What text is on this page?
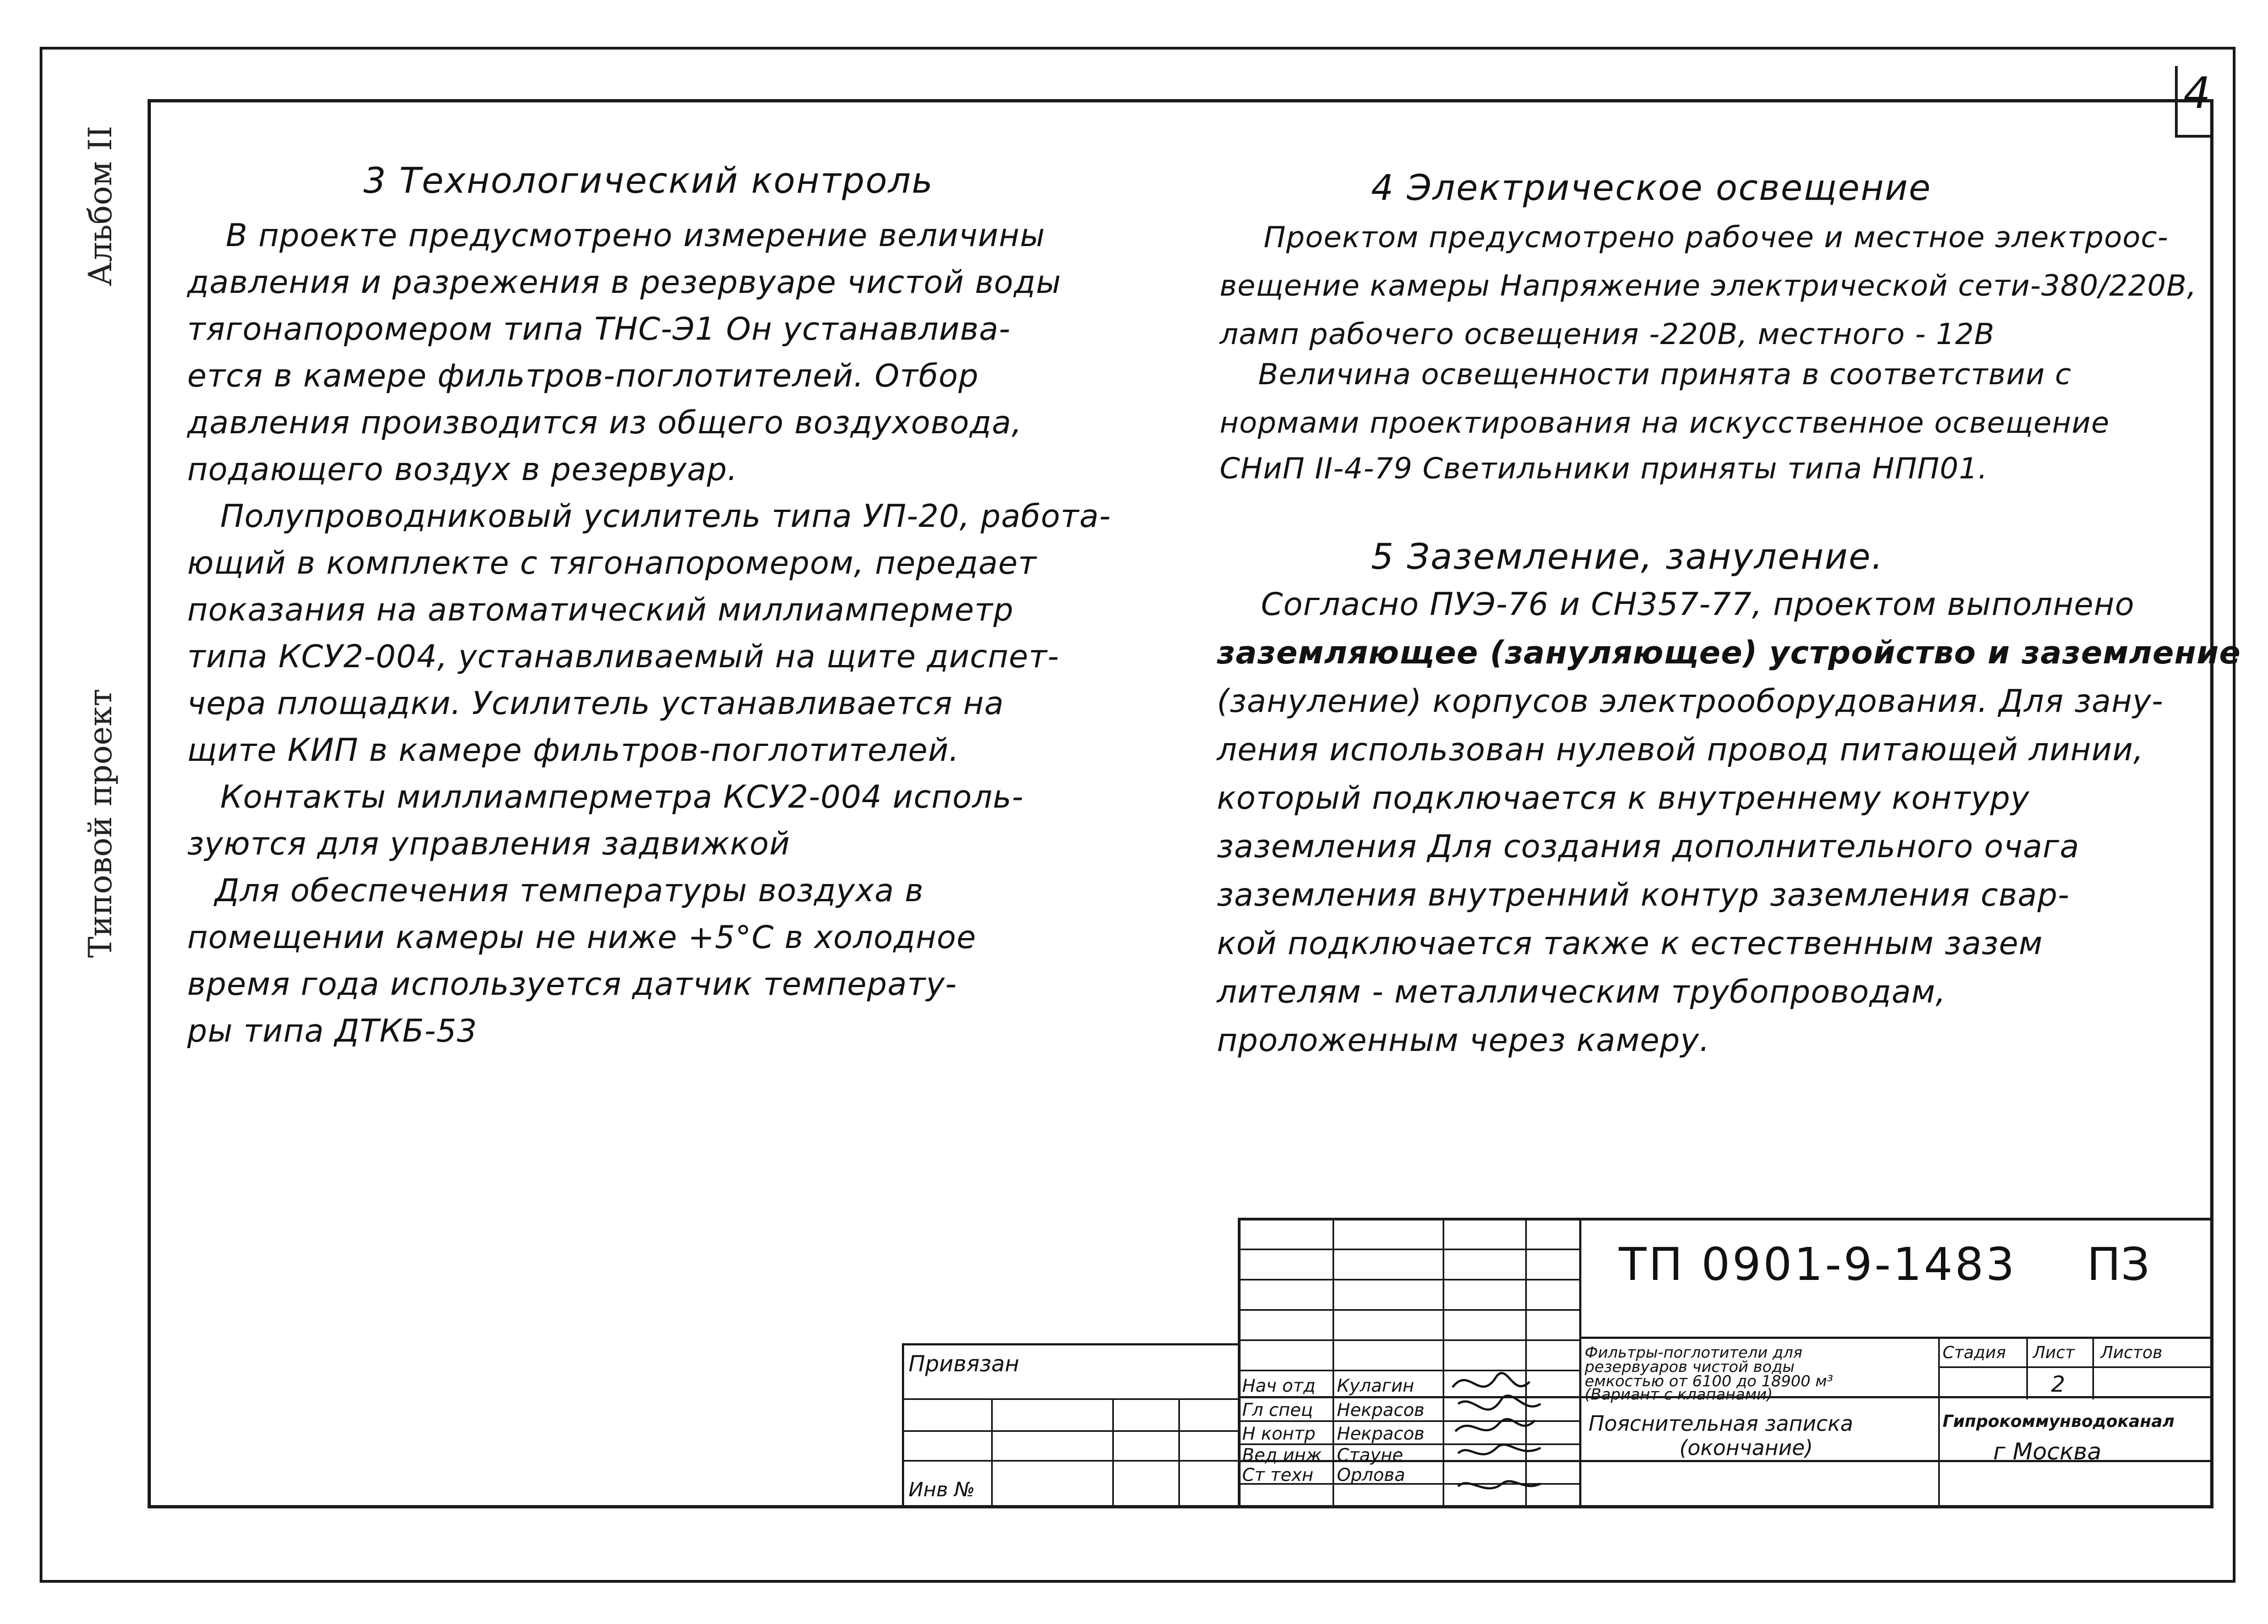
4
Альбом II
Типовой проект
3 Технологический контроль
В проекте предусмотрено измерение величины
давления и разрежения в резервуаре чистой воды
тягонапоромером типа ТНС-Э1 Он устанавлива-
ется в камере фильтров-поглотителей. Отбор
давления производится из общего воздуховода,
подающего воздух в резервуар.
Полупроводниковый усилитель типа УП-20, работа-
ющий в комплекте с тягонапоромером, передает
показания на автоматический миллиамперметр
типа КСУ2-004, устанавливаемый на щите диспет-
чера площадки. Усилитель устанавливается на
щите КИП в камере фильтров-поглотителей.
Контакты миллиамперметра КСУ2-004 исполь-
зуются для управления задвижкой
Для обеспечения температуры воздуха в
помещении камеры не ниже +5°С в холодное
время года используется датчик температу-
ры типа ДТКБ-53
4 Электрическое освещение
Проектом предусмотрено рабочее и местное электроос-
вещение камеры Напряжение электрической сети-380/220В,
ламп рабочего освещения -220В, местного - 12В
Величина освещенности принята в соответствии с
нормами проектирования на искусственное освещение
СНиП II-4-79 Светильники приняты типа НПП01.
5 Заземление, зануление.
Согласно ПУЭ-76 и СН357-77, проектом выполнено
заземляющее (зануляющее) устройство и заземление
(зануление) корпусов электрооборудования. Для зану-
ления использован нулевой провод питающей линии,
который подключается к внутреннему контуру
заземления Для создания дополнительного очага
заземления внутренний контур заземления свар-
кой подключается также к естественным зазем
лителям - металлическим трубопроводам,
проложенным через камеру.
Привязан
Инв №
ТП 0901-9-1483 ПЗ
Нач отд
Гл спец
Н контр
Вед инж
Ст техн
Кулагин
Некрасов
Некрасов
Стауне
Орлова
Фильтры-поглотители для
резервуаров чистой воды
емкостью от 6100 до 18900 м³
(Вариант с клапанами)
Пояснительная записка
(окончание)
Стадия Лист Листов
2
Гипрокоммунводоканал
г Москва
